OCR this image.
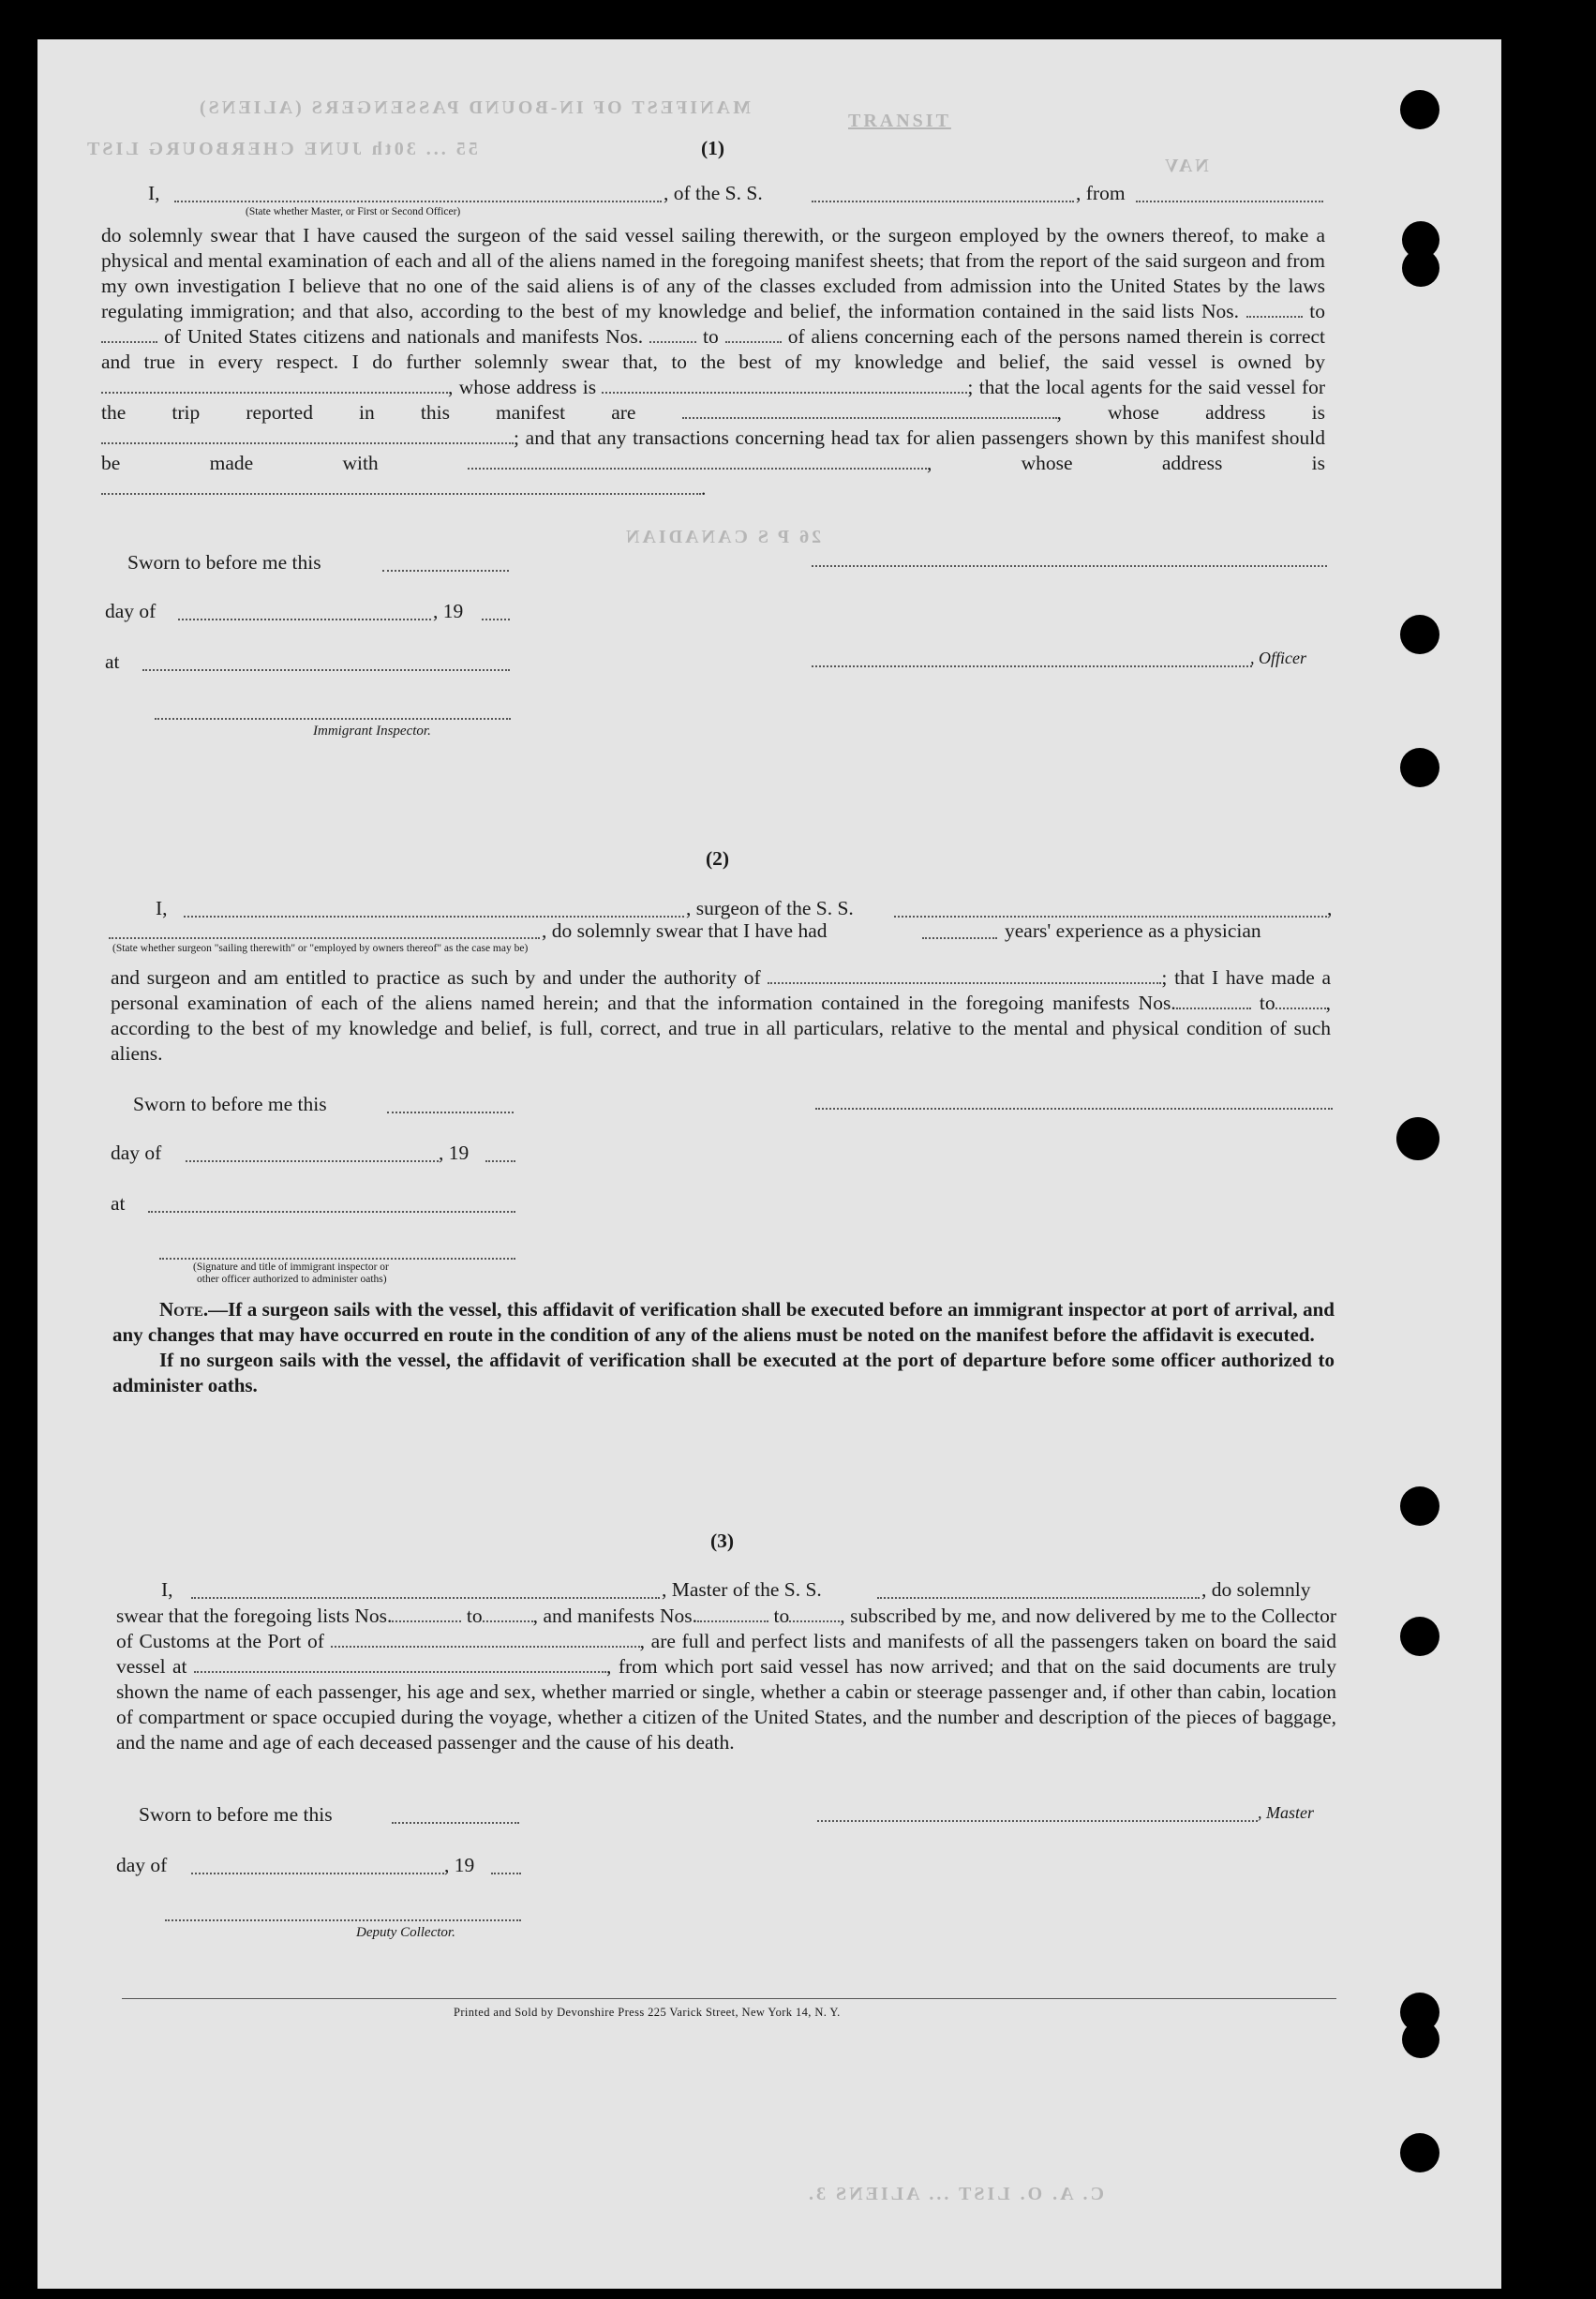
MANIFEST OF IN-BOUND PASSENGERS (ALIENS)
55 ... 30th JUNE CHERBOURG LIST
TRANSIT
NAV
26 P S CANADIAN
C. A. O. LIST ... ALIENS 3.
(1)
I,	, of the S. S.	, from
(State whether Master, or First or Second Officer)
do solemnly swear that I have caused the surgeon of the said vessel sailing therewith, or the surgeon employed by the owners thereof, to make a physical and mental examination of each and all of the aliens named in the foregoing manifest sheets; that from the report of the said surgeon and from my own investigation I believe that no one of the said aliens is of any of the classes excluded from admission into the United States by the laws regulating immigration; and that also, according to the best of my knowledge and belief, the information contained in the said lists Nos.	to  of United States citizens and nationals and manifests Nos.	to	of aliens concerning each of the persons named therein is correct and true in every respect. I do further solemnly swear that, to the best of my knowledge and belief, the said vessel is owned by , whose address is	; that the local agents for the said vessel for the trip reported in this manifest are	, whose address is ; and that any transactions concerning head tax for alien passengers shown by this manifest should be made with	, whose address is .
Sworn to before me this
day of	, 19
at	, Officer
Immigrant Inspector.
(2)
I,	, surgeon of the S. S.	,
, do solemnly swear that I have had	years' experience as a physician
(State whether surgeon "sailing therewith" or "employed by owners thereof" as the case may be)
and surgeon and am entitled to practice as such by and under the authority of	; that I have made a personal examination of each of the aliens named herein; and that the information contained in the foregoing manifests Nos.	to	, according to the best of my knowledge and belief, is full, correct, and true in all particulars, relative to the mental and physical condition of such aliens.
Sworn to before me this
day of	, 19
at
(Signature and title of immigrant inspector or
other officer authorized to administer oaths)
Note.—If a surgeon sails with the vessel, this affidavit of verification shall be executed before an immigrant inspector at port of arrival, and any changes that may have occurred en route in the condition of any of the aliens must be noted on the manifest before the affidavit is executed.
If no surgeon sails with the vessel, the affidavit of verification shall be executed at the port of departure before some officer authorized to administer oaths.
(3)
I,	, Master of the S. S.	, do solemnly
swear that the foregoing lists Nos.	to	, and manifests Nos.	to	, subscribed by me, and now delivered by me to the Collector of Customs at the Port of	, are full and perfect lists and manifests of all the passengers taken on board the said vessel at	, from which port said vessel has now arrived; and that on the said documents are truly shown the name of each passenger, his age and sex, whether married or single, whether a cabin or steerage passenger and, if other than cabin, location of compartment or space occupied during the voyage, whether a citizen of the United States, and the number and description of the pieces of baggage, and the name and age of each deceased passenger and the cause of his death.
Sworn to before me this	, Master
day of	, 19
Deputy Collector.
Printed and Sold by Devonshire Press 225 Varick Street, New York 14, N. Y.
